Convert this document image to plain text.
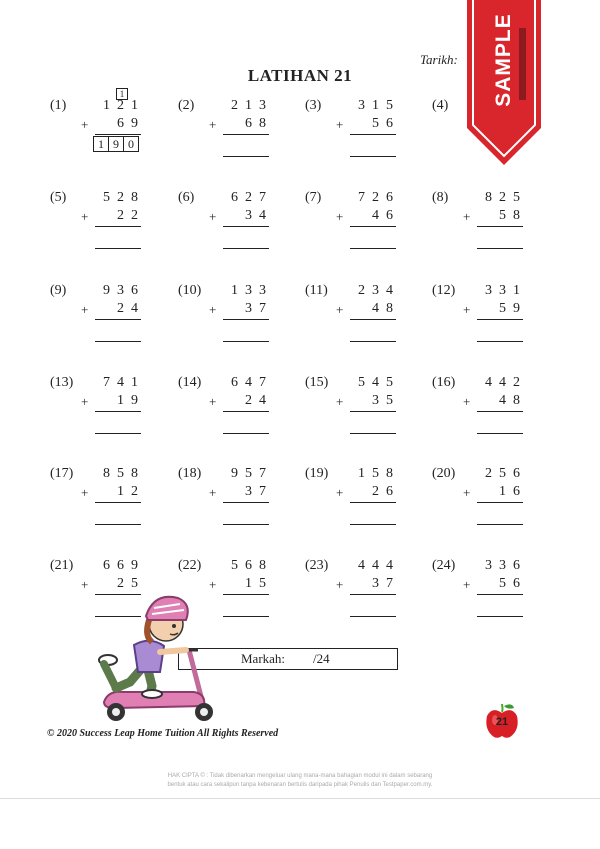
Tarikh:
LATIHAN 21
1
1 9 0
(1)	121
69
+
(2)	213
68
+
(3)	315
56
+
(4)
(5)	528
22
+
(6)	627
34
+
(7)	726
46
+
(8)	825
58
+
(9)	936
24
+
(10) 133
37
+
(11) 234
48
+
(12) 331
59
+
(13) 741
19
+
(14) 647
24
+
(15) 545
35
+
(16) 442
48
+
(17) 858
12
+
(18) 957
37
+
(19) 158
26
+
(20) 256
16
+
(21) 669
25
+
(22) 568
15
+
(23) 444
37
+
(24) 336
56
+
Markah: /24
SAMPLE
21
© 2020 Success Leap Home Tuition All Rights Reserved
HAK CIPTA © : Tidak dibenarkan mengeluar ulang mana-mana bahagian modul ini dalam sebarang
bentuk atau cara sekalipun tanpa kebenaran bertulis daripada pihak Penulis dan Testpaper.com.my.
